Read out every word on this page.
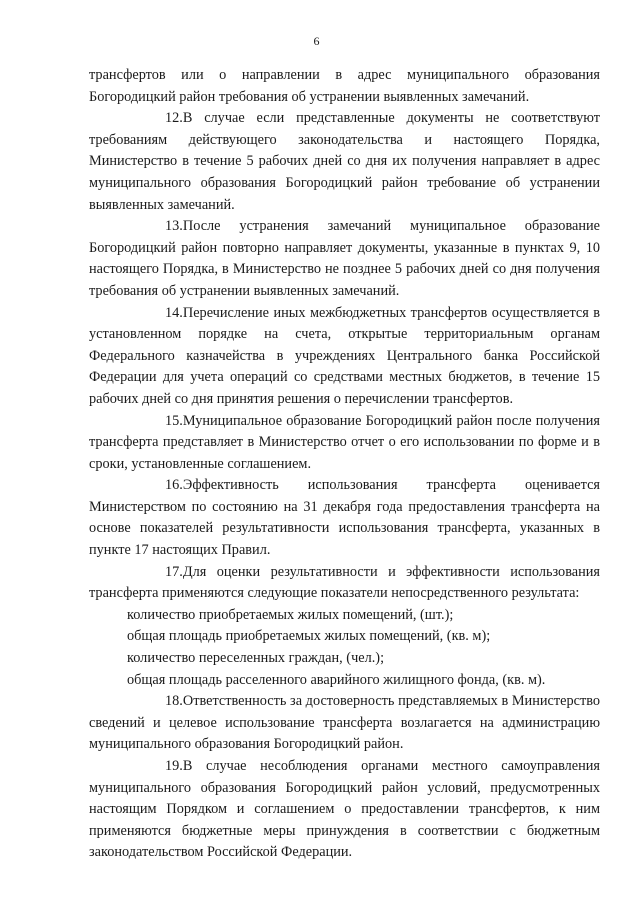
6

трансфертов или о направлении в адрес муниципального образования Богородицкий район требования об устранении выявленных замечаний.

12.В случае если представленные документы не соответствуют требованиям действующего законодательства и настоящего Порядка, Министерство в течение 5 рабочих дней со дня их получения направляет в адрес муниципального образования Богородицкий район требование об устранении выявленных замечаний.

13.После устранения замечаний муниципальное образование Богородицкий район повторно направляет документы, указанные в пунктах 9, 10 настоящего Порядка, в Министерство не позднее 5 рабочих дней со дня получения требования об устранении выявленных замечаний.

14.Перечисление иных межбюджетных трансфертов осуществляется в установленном порядке на счета, открытые территориальным органам Федерального казначейства в учреждениях Центрального банка Российской Федерации для учета операций со средствами местных бюджетов, в течение 15 рабочих дней со дня принятия решения о перечислении трансфертов.

15.Муниципальное образование Богородицкий район после получения трансферта представляет в Министерство отчет о его использовании по форме и в сроки, установленные соглашением.

16.Эффективность использования трансферта оценивается Министерством по состоянию на 31 декабря года предоставления трансферта на основе показателей результативности использования трансферта, указанных в пункте 17 настоящих Правил.

17.Для оценки результативности и эффективности использования трансферта применяются следующие показатели непосредственного результата:

количество приобретаемых жилых помещений, (шт.);

общая площадь приобретаемых жилых помещений, (кв. м);

количество переселенных граждан, (чел.);

общая площадь расселенного аварийного жилищного фонда, (кв. м).

18.Ответственность за достоверность представляемых в Министерство сведений и целевое использование трансферта возлагается на администрацию муниципального образования Богородицкий район.

19.В случае несоблюдения органами местного самоуправления муниципального образования Богородицкий район условий, предусмотренных настоящим Порядком и соглашением о предоставлении трансфертов, к ним применяются бюджетные меры принуждения в соответствии с бюджетным законодательством Российской Федерации.
